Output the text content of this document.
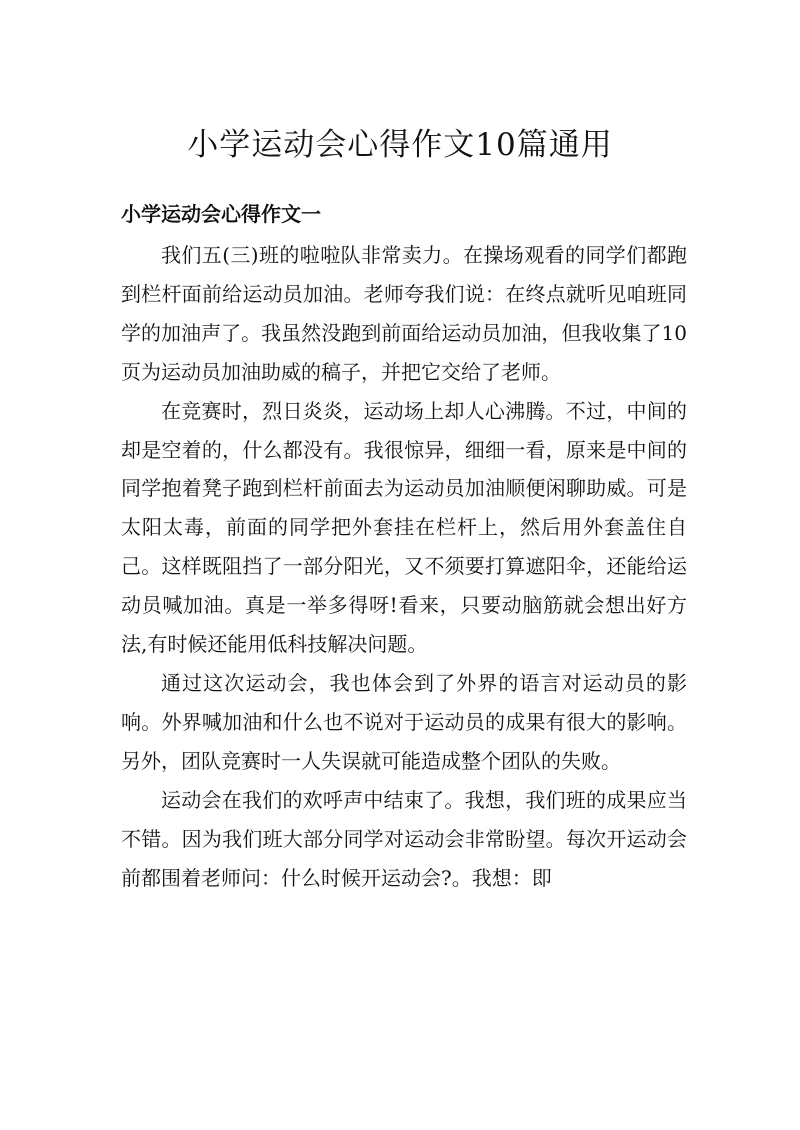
小学运动会心得作文10篇通用
小学运动会心得作文一

我们五(三)班的啦啦队非常卖力。在操场观看的同学们都跑到栏杆面前给运动员加油。老师夸我们说：在终点就听见咱班同学的加油声了。我虽然没跑到前面给运动员加油，但我收集了10页为运动员加油助威的稿子，并把它交给了老师。

在竞赛时，烈日炎炎，运动场上却人心沸腾。不过，中间的却是空着的，什么都没有。我很惊异，细细一看，原来是中间的同学抱着凳子跑到栏杆前面去为运动员加油顺便闲聊助威。可是太阳太毒，前面的同学把外套挂在栏杆上，然后用外套盖住自己。这样既阻挡了一部分阳光，又不须要打算遮阳伞，还能给运动员喊加油。真是一举多得呀!看来，只要动脑筋就会想出好方法,有时候还能用低科技解决问题。

通过这次运动会，我也体会到了外界的语言对运动员的影响。外界喊加油和什么也不说对于运动员的成果有很大的影响。另外，团队竞赛时一人失误就可能造成整个团队的失败。

运动会在我们的欢呼声中结束了。我想，我们班的成果应当不错。因为我们班大部分同学对运动会非常盼望。每次开运动会前都围着老师问：什么时候开运动会?。我想：即
